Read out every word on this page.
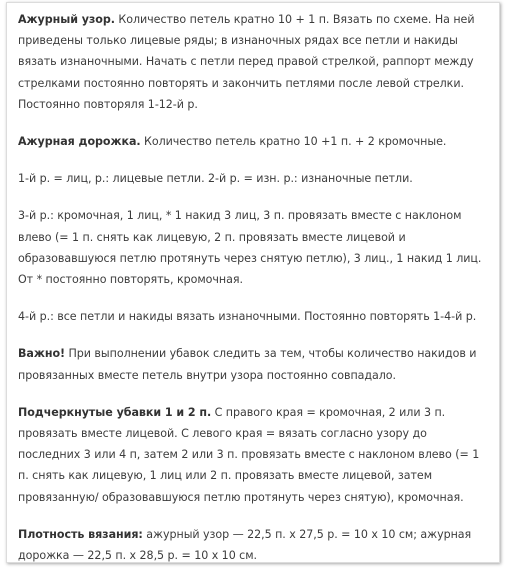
Ажурный узор. Количество петель кратно 10 + 1 п. Вязать по схеме. На ней приведены только лицевые ряды; в изнаночных рядах все петли и накиды вязать изнаночными. Начать с петли перед правой стрелкой, раппорт между стрелками постоянно повторять и закончить петлями после левой стрелки. Постоянно повторяля 1-12-й р.

Ажурная дорожка. Количество петель кратно 10 +1 п. + 2 кромочные.

1-й р. = лиц, р.: лицевые петли. 2-й р. = изн. р.: изнаночные петли.

3-й р.: кромочная, 1 лиц, * 1 накид 3 лиц, 3 п. провязать вместе с наклоном влево (= 1 п. снять как лицевую, 2 п. провязать вместе лицевой и образовавшуюся петлю протянуть через снятую петлю), 3 лиц., 1 накид 1 лиц. От * постоянно повторять, кромочная.

4-й р.: все петли и накиды вязать изнаночными. Постоянно повторять 1-4-й р.

Важно! При выполнении убавок следить за тем, чтобы количество накидов и провязанных вместе петель внутри узора постоянно совпадало.

Подчеркнутые убавки 1 и 2 п. С правого края = кромочная, 2 или 3 п. провязать вместе лицевой. С левого края = вязать согласно узору до последних 3 или 4 п, затем 2 или 3 п. провязать вместе с наклоном влево (= 1 п. снять как лицевую, 1 лиц или 2 п. провязать вместе лицевой, затем провязанную/ образовавшуюся петлю протянуть через снятую), кромочная.

Плотность вязания: ажурный узор — 22,5 п. х 27,5 р. = 10 х 10 см; ажурная дорожка — 22,5 п. х 28,5 р. = 10 х 10 см.
